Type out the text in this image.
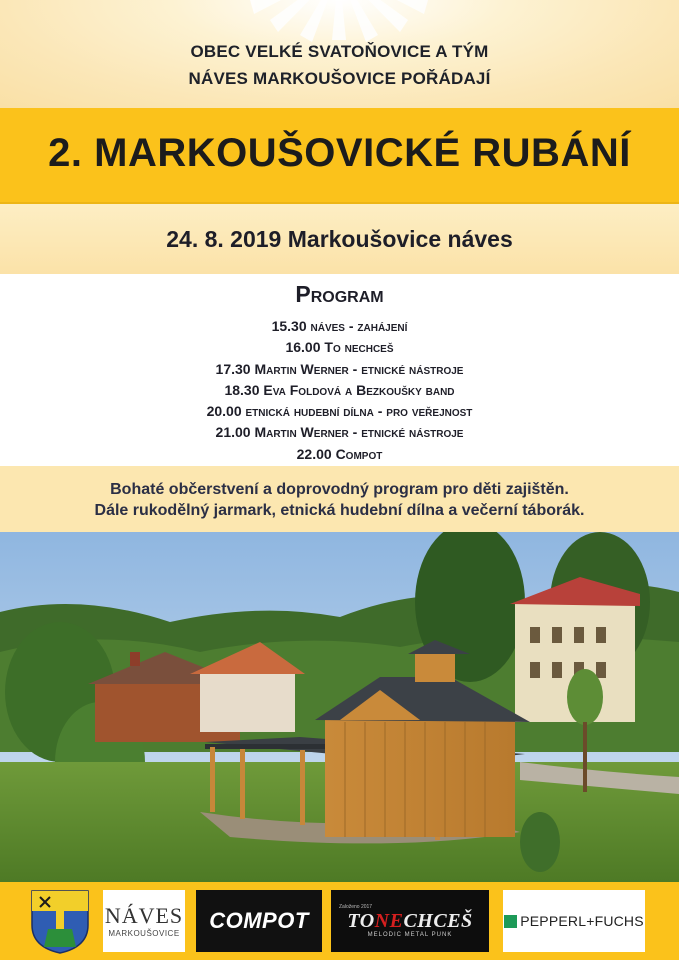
OBEC VELKÉ SVATOŇOVICE A TÝM
NÁVES MARKOUŠOVICE POŘÁDAJÍ
2. MARKOUŠOVICKÉ RUBÁNÍ
24. 8. 2019 Markoušovice náves
Program
15.30 náves - zahájení
16.00 To nechceš
17.30 Martin Werner - etnické nástroje
18.30 Eva Foldová a Bezkoušky band
20.00 etnická hudební dílna - pro veřejnost
21.00 Martin Werner - etnické nástroje
22.00 Compot
Bohaté občerstvení a doprovodný program pro děti zajištěn.
Dále rukodělný jarmark, etnická hudební dílna a večerní táborák.
NÁVES
MARKOUŠOVICE COMPOT
Založeno 2017
TONECHCEŠ
MELODIC METAL PUNK
PEPPERL+FUCHS
